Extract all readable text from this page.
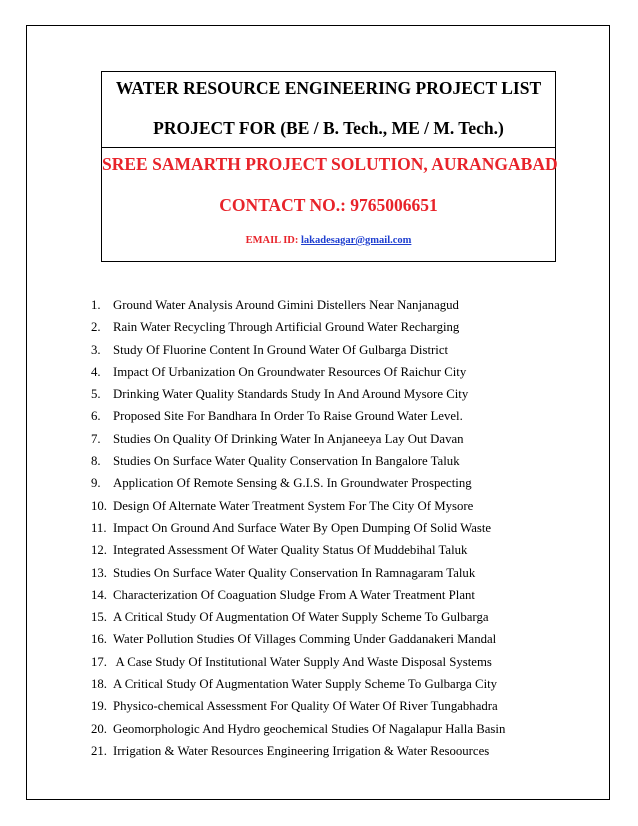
WATER RESOURCE ENGINEERING PROJECT LIST
PROJECT FOR (BE / B. Tech., ME / M. Tech.)
SREE SAMARTH PROJECT SOLUTION, AURANGABAD
CONTACT NO.: 9765006651
EMAIL ID: lakadesagar@gmail.com
1. Ground Water Analysis Around Gimini Distellers Near Nanjanagud
2. Rain Water Recycling Through Artificial Ground Water Recharging
3. Study Of Fluorine Content In Ground Water Of Gulbarga District
4. Impact Of Urbanization On Groundwater Resources Of Raichur City
5. Drinking Water Quality Standards Study In And Around Mysore City
6. Proposed Site For Bandhara In Order To Raise Ground Water Level.
7. Studies On Quality Of Drinking Water In Anjaneeya Lay Out Davan
8. Studies On Surface Water Quality Conservation In Bangalore Taluk
9. Application Of Remote Sensing & G.I.S. In Groundwater Prospecting
10. Design Of Alternate Water Treatment System For The City Of Mysore
11. Impact On Ground And Surface Water By Open Dumping Of Solid Waste
12. Integrated Assessment Of Water Quality Status Of Muddebihal Taluk
13. Studies On Surface Water Quality Conservation In Ramnagaram Taluk
14. Characterization Of Coaguation Sludge From A Water Treatment Plant
15. A Critical Study Of Augmentation Of Water Supply Scheme To Gulbarga
16. Water Pollution Studies Of Villages Comming Under Gaddanakeri Mandal
17. A Case Study Of Institutional Water Supply And Waste Disposal Systems
18. A Critical Study Of Augmentation Water Supply Scheme To Gulbarga City
19. Physico-chemical Assessment For Quality Of Water Of River Tungabhadra
20. Geomorphologic And Hydro geochemical Studies Of Nagalapur Halla Basin
21. Irrigation & Water Resources Engineering Irrigation & Water Resoources
